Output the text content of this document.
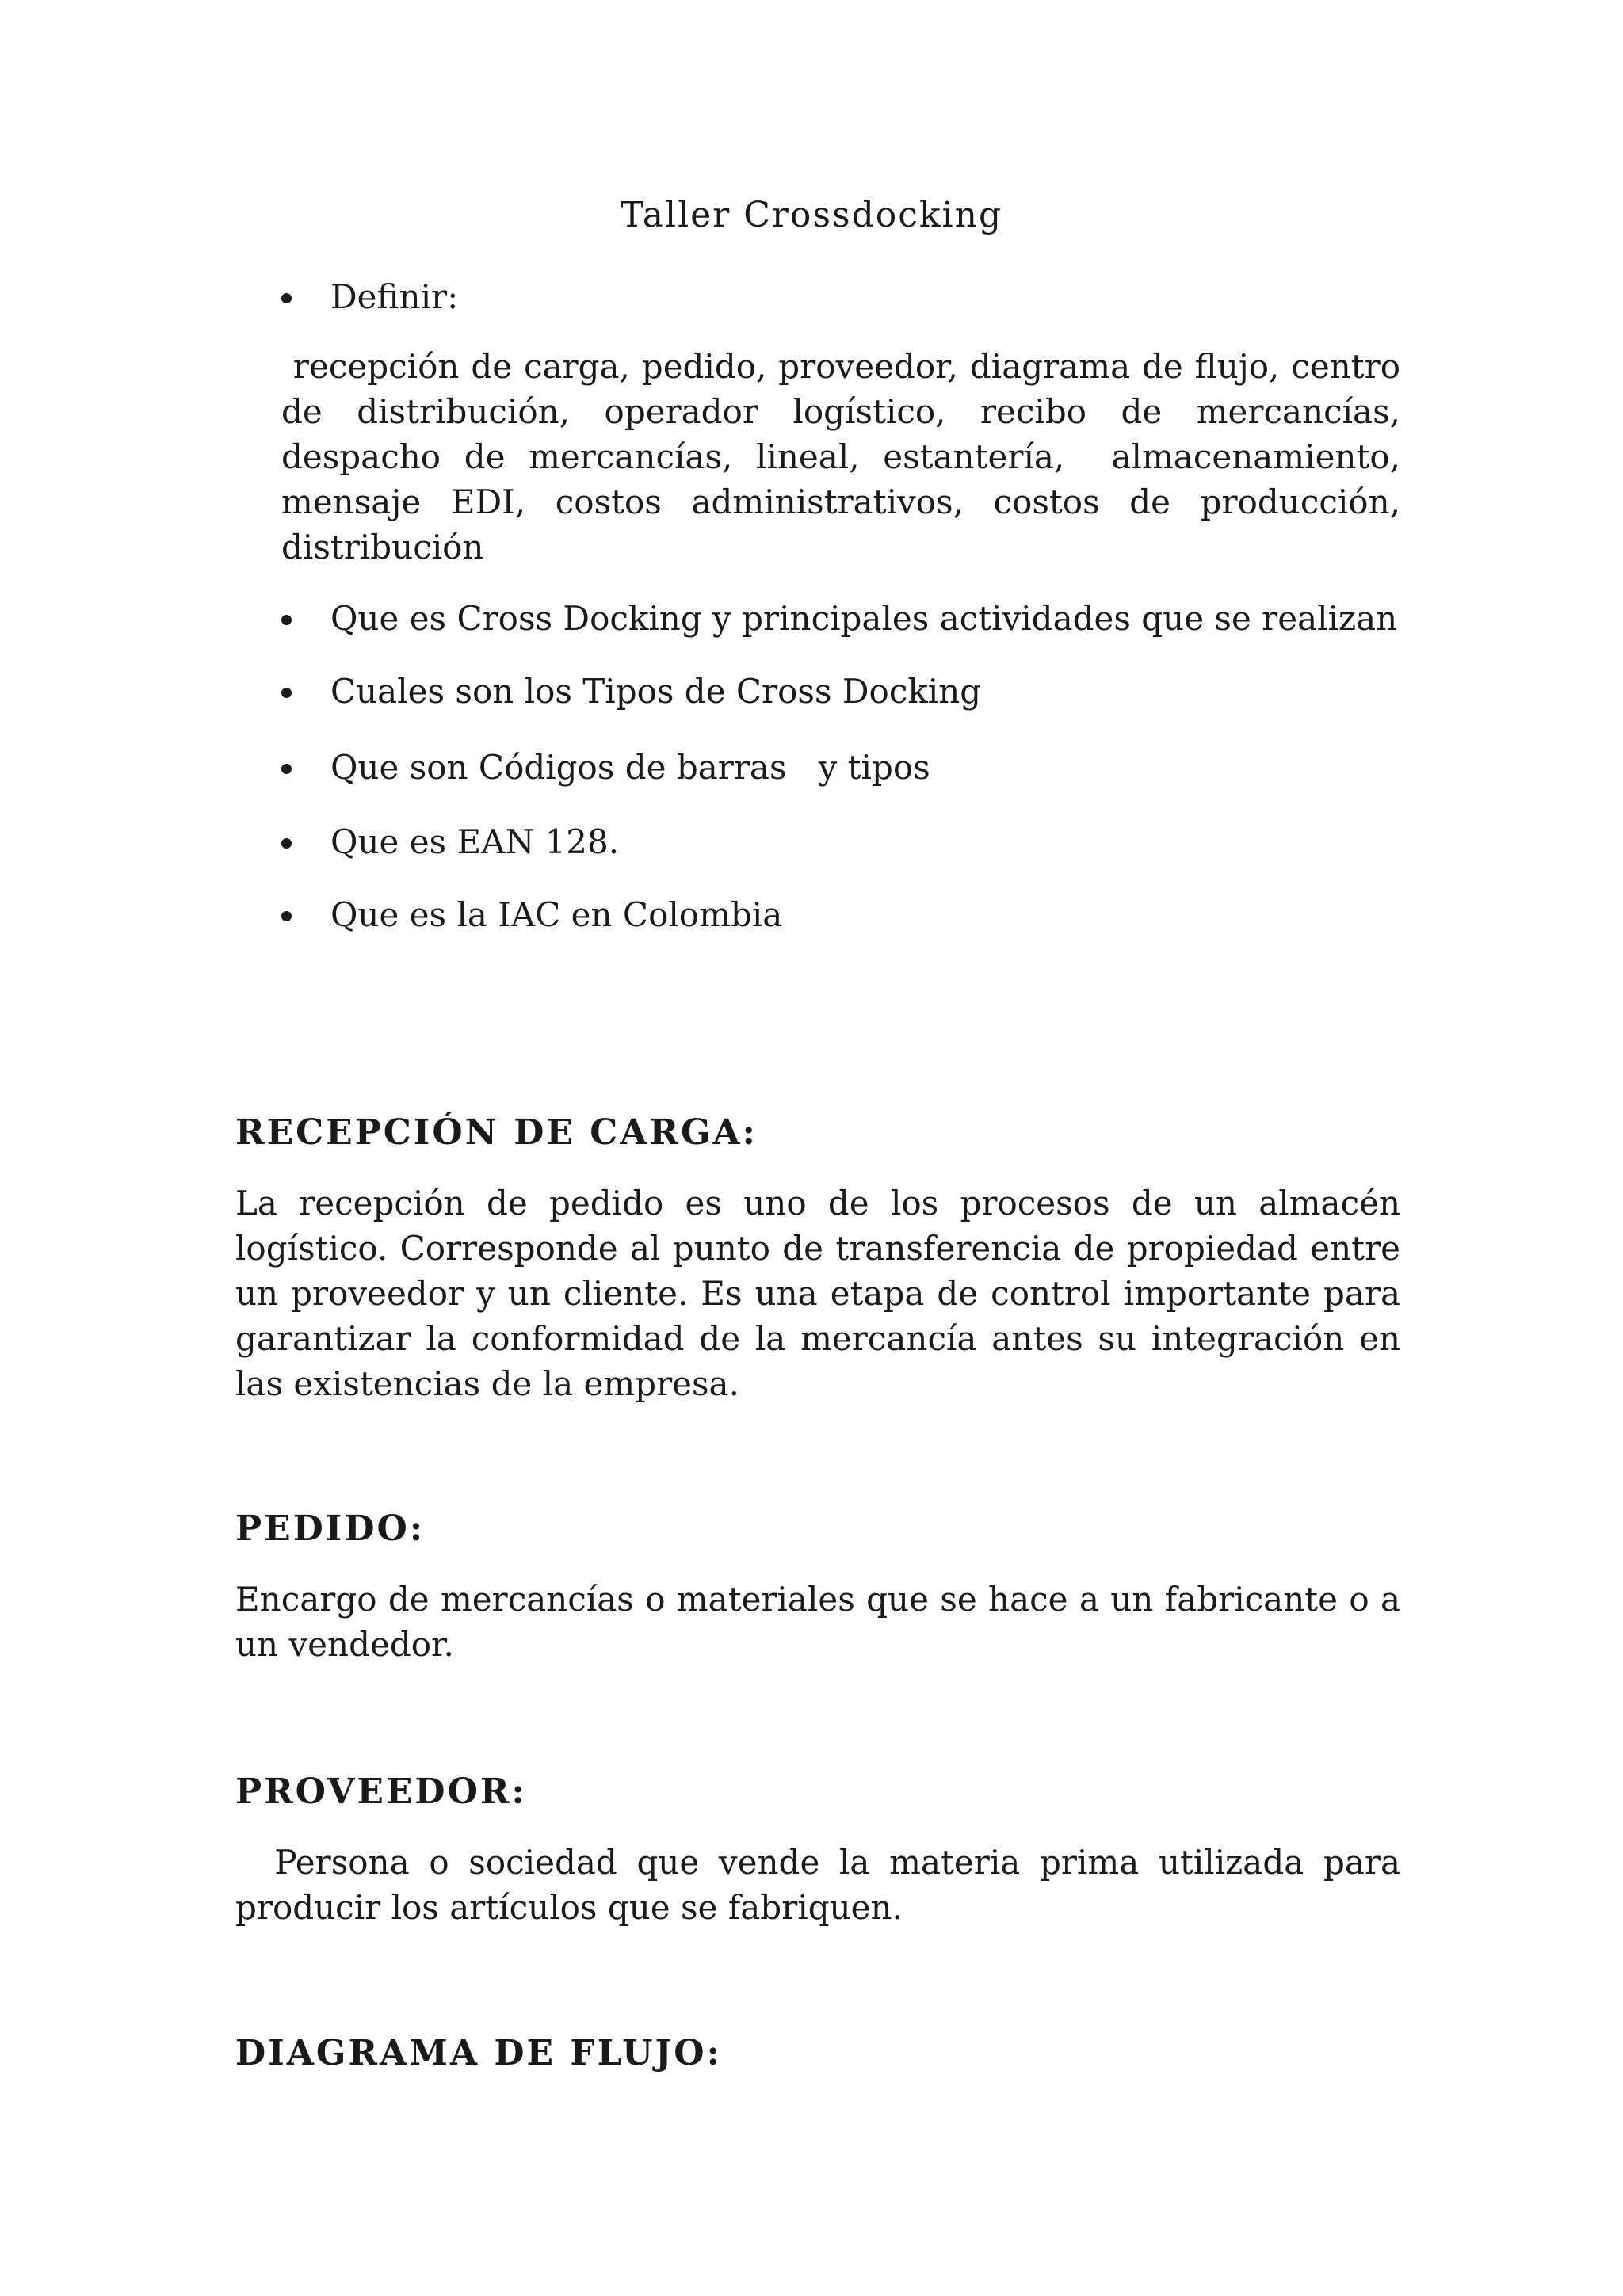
Taller Crossdocking
Definir:

recepción de carga, pedido, proveedor, diagrama de flujo, centro de distribución, operador logístico, recibo de mercancías, despacho de mercancías, lineal, estantería,  almacenamiento, mensaje EDI, costos administrativos, costos de producción, distribución

Que es Cross Docking y principales actividades que se realizan
Cuales son los Tipos de Cross Docking
Que son Códigos de barras   y tipos
Que es EAN 128.
Que es la IAC en Colombia
RECEPCIÓN DE CARGA:

La recepción de pedido es uno de los procesos de un almacén logístico. Corresponde al punto de transferencia de propiedad entre un proveedor y un cliente. Es una etapa de control importante para garantizar la conformidad de la mercancía antes su integración en las existencias de la empresa.

PEDIDO:

Encargo de mercancías o materiales que se hace a un fabricante o a un vendedor.

PROVEEDOR:

Persona o sociedad que vende la materia prima utilizada para producir los artículos que se fabriquen.

DIAGRAMA DE FLUJO:
